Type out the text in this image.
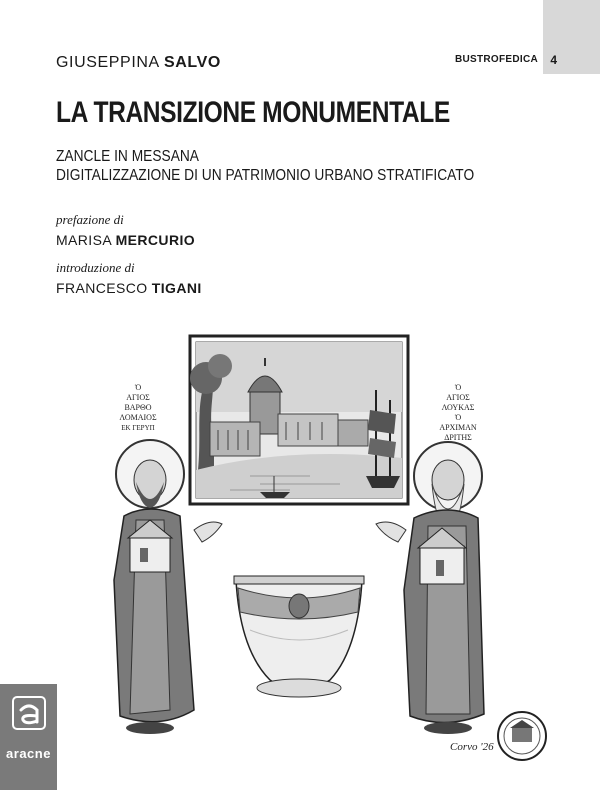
4
BUSTROFEDICA
GIUSEPPINA SALVO
LA TRANSIZIONE MONUMENTALE
ZANCLE IN MESSANA
DIGITALIZZAZIONE DI UN PATRIMONIO URBANO STRATIFICATO
prefazione di
MARISA MERCURIO
introduzione di
FRANCESCO TIGANI
Ὁ
ΑΓΙΟΣ
ΒΑΡΘΟ
ΛΟΜΑΙΟΣ
ΕΚ ΓΕΡΥΠ
Ὁ
ΑΓΙΟΣ
ΛΟΥΚΑΣ
Ὁ
ΑΡΧΙΜΑΝ
ΔΡΙΤΗΣ
Corvo '26
aracne
